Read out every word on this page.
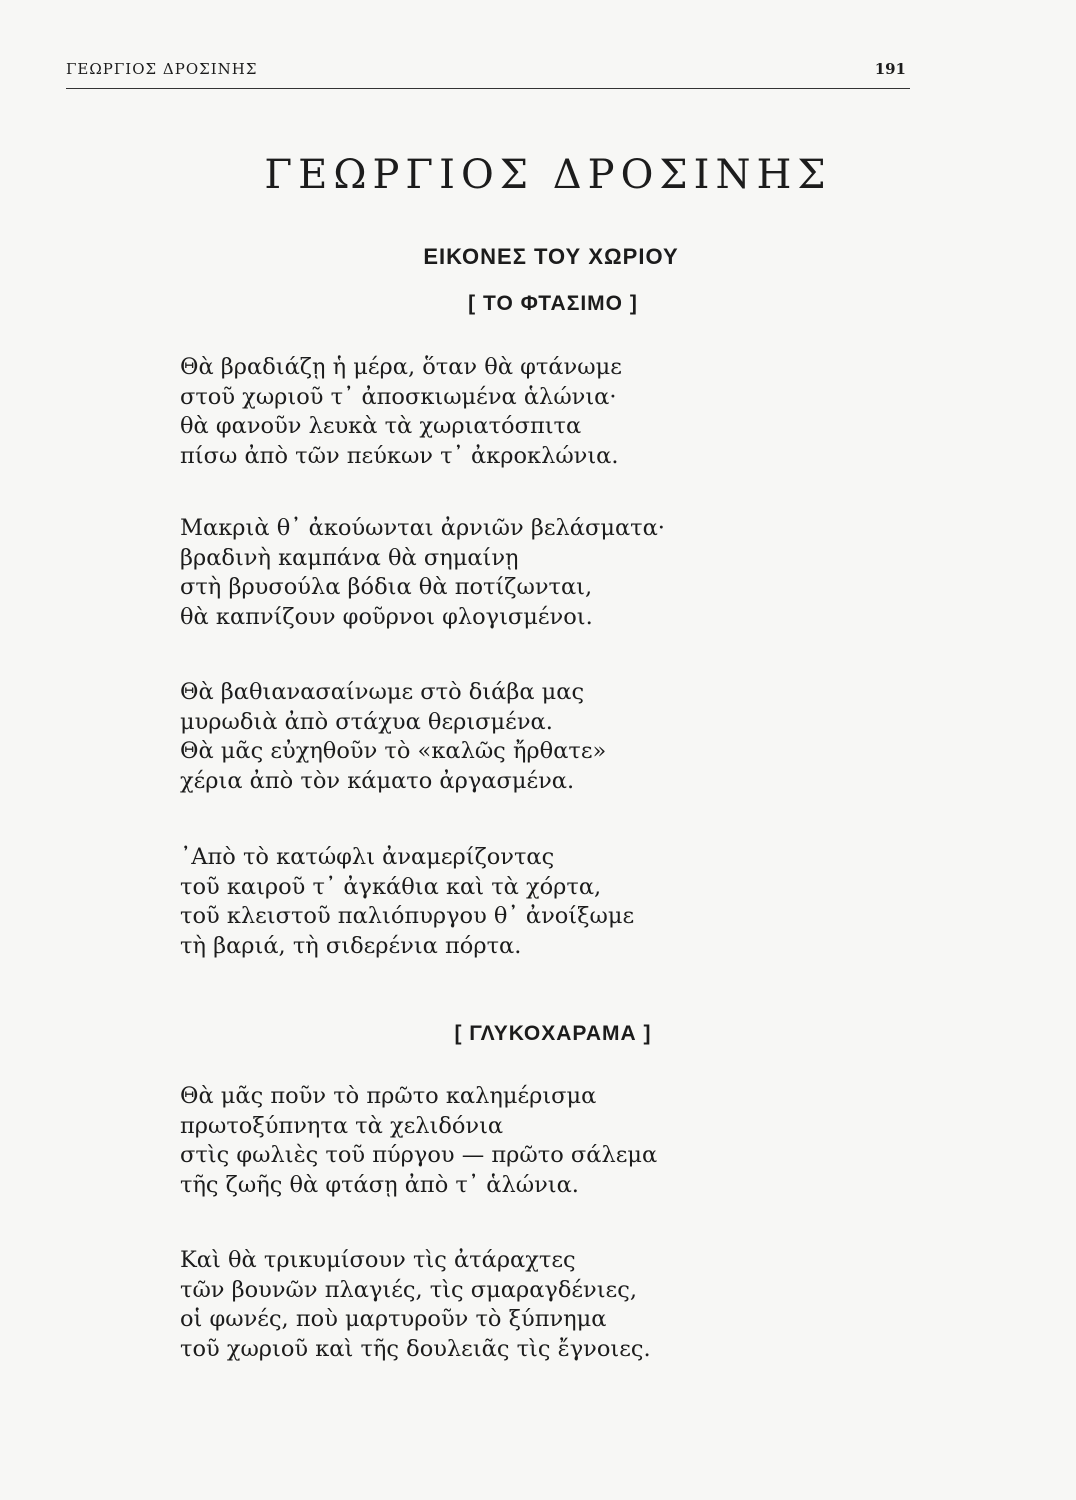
ΓΕΩΡΓΙΟΣ ΔΡΟΣΙΝΗΣ	191
ΓΕΩΡΓΙΟΣ ΔΡΟΣΙΝΗΣ
ΕΙΚΟΝΕΣ ΤΟΥ ΧΩΡΙΟΥ
[ ΤΟ ΦΤΑΣΙΜΟ ]
Θὰ βραδιάζῃ ἡ μέρα, ὅταν θὰ φτάνωμε
στοῦ χωριοῦ τ᾽ ἀποσκιωμένα ἁλώνια·
θὰ φανοῦν λευκὰ τὰ χωριατόσπιτα
πίσω ἀπὸ τῶν πεύκων τ᾽ ἀκροκλώνια.
Μακριὰ θ᾽ ἀκούωνται ἀρνιῶν βελάσματα·
βραδινὴ καμπάνα θὰ σημαίνῃ
στὴ βρυσούλα βόδια θὰ ποτίζωνται,
θὰ καπνίζουν φοῦρνοι φλογισμένοι.
Θὰ βαθιανασαίνωμε στὸ διάβα μας
μυρωδιὰ ἀπὸ στάχυα θερισμένα.
Θὰ μᾶς εὐχηθοῦν τὸ «καλῶς ἤρθατε»
χέρια ἀπὸ τὸν κάματο ἀργασμένα.
᾽Απὸ τὸ κατώφλι ἀναμερίζοντας
τοῦ καιροῦ τ᾽ ἀγκάθια καὶ τὰ χόρτα,
τοῦ κλειστοῦ παλιόπυργου θ᾽ ἀνοίξωμε
τὴ βαριά, τὴ σιδερένια πόρτα.
[ ΓΛΥΚΟΧΑΡΑΜΑ ]
Θὰ μᾶς ποῦν τὸ πρῶτο καλημέρισμα
πρωτοξύπνητα τὰ χελιδόνια
στὶς φωλιὲς τοῦ πύργου — πρῶτο σάλεμα
τῆς ζωῆς θὰ φτάσῃ ἀπὸ τ᾽ ἁλώνια.
Καὶ θὰ τρικυμίσουν τὶς ἀτάραχτες
τῶν βουνῶν πλαγιές, τὶς σμαραγδένιες,
οἱ φωνές, ποὺ μαρτυροῦν τὸ ξύπνημα
τοῦ χωριοῦ καὶ τῆς δουλειᾶς τὶς ἔγνοιες.
